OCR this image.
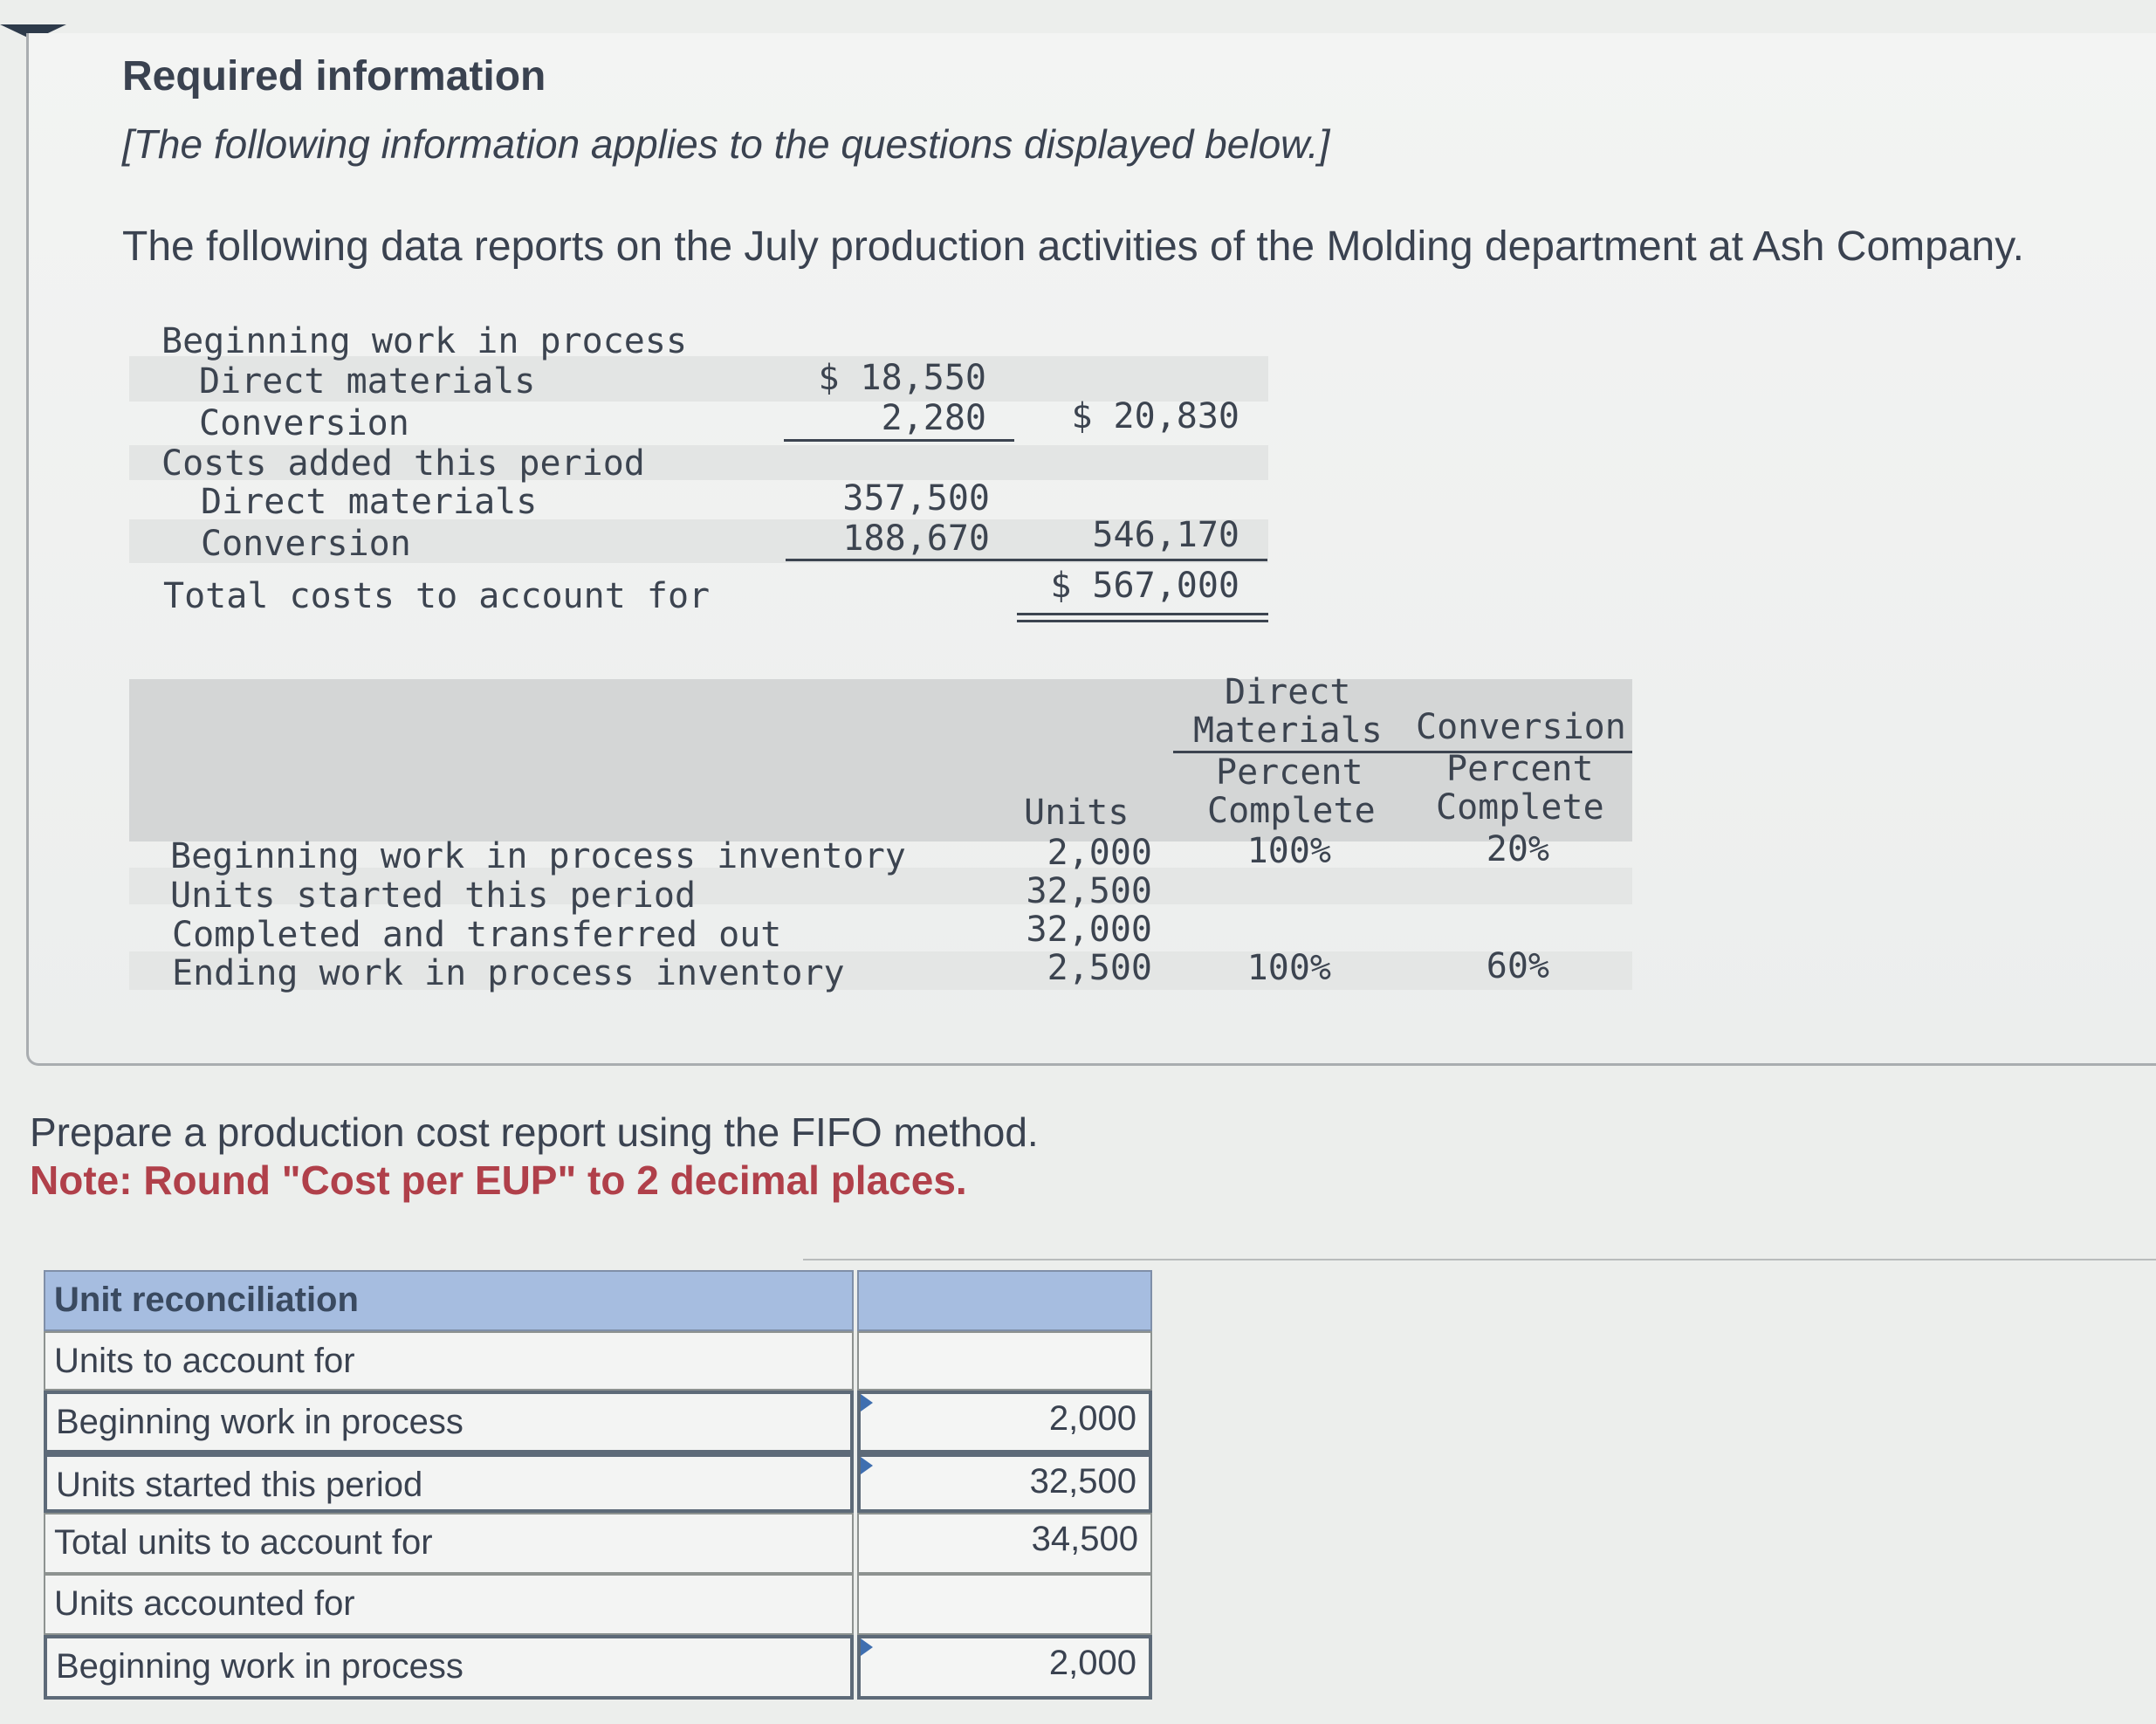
Required information
[The following information applies to the questions displayed below.]
The following data reports on the July production activities of the Molding department at Ash Company.
Beginning work in process
Direct materials	$ 18,550
Conversion	2,280	$ 20,830
Costs added this period
Direct materials	357,500
Conversion	188,670	546,170
Total costs to account for	$ 567,000
Direct
Materials Conversion
Percent Percent
Units Complete Complete
Beginning work in process inventory	2,000	100%	20%
Units started this period	32,500
Completed and transferred out	32,000
Ending work in process inventory	2,500	100%	60%
Prepare a production cost report using the FIFO method.
Note: Round "Cost per EUP" to 2 decimal places.
Unit reconciliation
Units to account for
Beginning work in process	2,000
Units started this period	32,500
Total units to account for	34,500
Units accounted for
Beginning work in process	2,000
